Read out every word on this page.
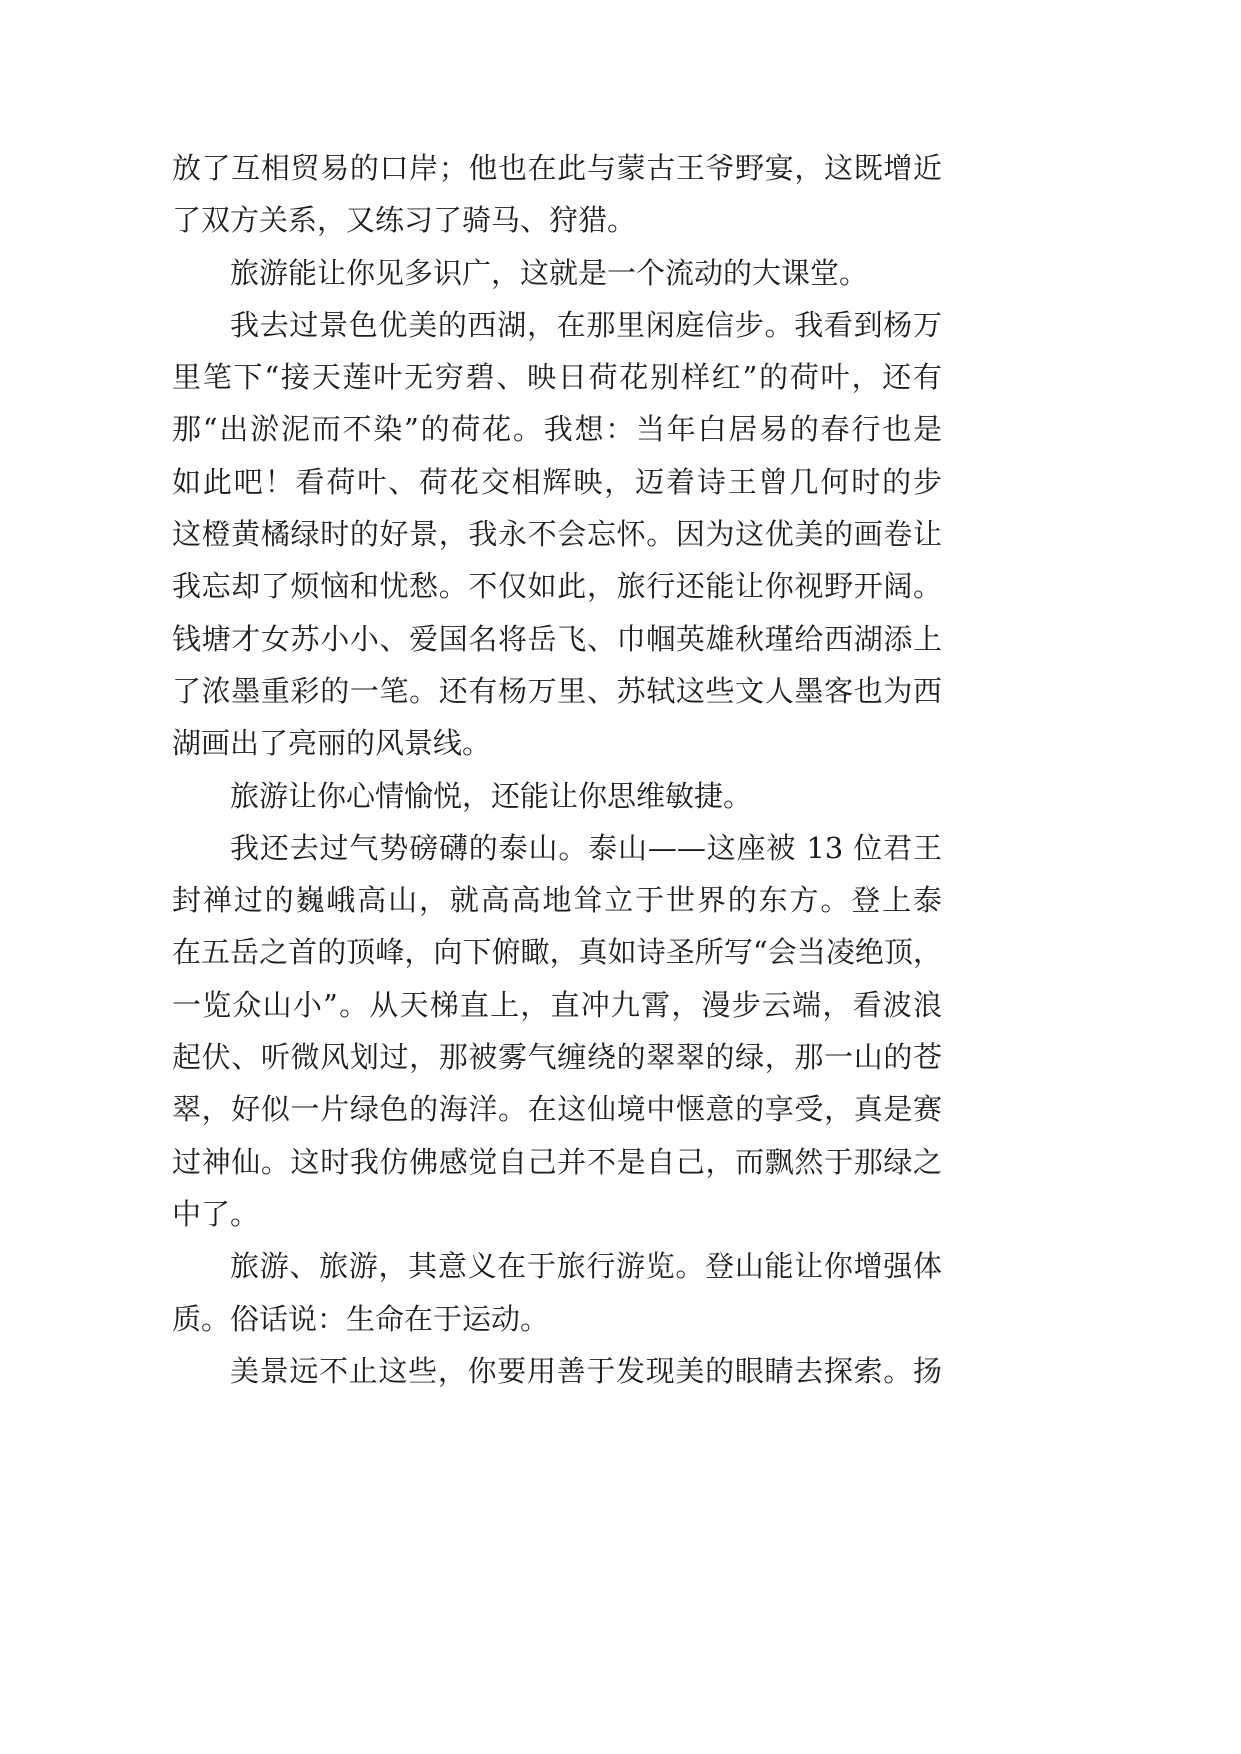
放了互相贸易的口岸；他也在此与蒙古王爷野宴，这既增近
了双方关系，又练习了骑马、狩猎。
旅游能让你见多识广，这就是一个流动的大课堂。
我去过景色优美的西湖，在那里闲庭信步。我看到杨万
里笔下“接天莲叶无穷碧、映日荷花别样红”的荷叶，还有
那“出淤泥而不染”的荷花。我想：当年白居易的春行也是
如此吧！看荷叶、荷花交相辉映，迈着诗王曾几何时的步
这橙黄橘绿时的好景，我永不会忘怀。因为这优美的画卷让
我忘却了烦恼和忧愁。不仅如此，旅行还能让你视野开阔。
钱塘才女苏小小、爱国名将岳飞、巾帼英雄秋瑾给西湖添上
了浓墨重彩的一笔。还有杨万里、苏轼这些文人墨客也为西
湖画出了亮丽的风景线。
旅游让你心情愉悦，还能让你思维敏捷。
我还去过气势磅礴的泰山。泰山——这座被 13 位君王
封禅过的巍峨高山，就高高地耸立于世界的东方。登上泰
在五岳之首的顶峰，向下俯瞰，真如诗圣所写“会当凌绝顶，
一览众山小”。从天梯直上，直冲九霄，漫步云端，看波浪
起伏、听微风划过，那被雾气缠绕的翠翠的绿，那一山的苍
翠，好似一片绿色的海洋。在这仙境中惬意的享受，真是赛
过神仙。这时我仿佛感觉自己并不是自己，而飘然于那绿之
中了。
旅游、旅游，其意义在于旅行游览。登山能让你增强体
质。俗话说：生命在于运动。
美景远不止这些，你要用善于发现美的眼睛去探索。扬
